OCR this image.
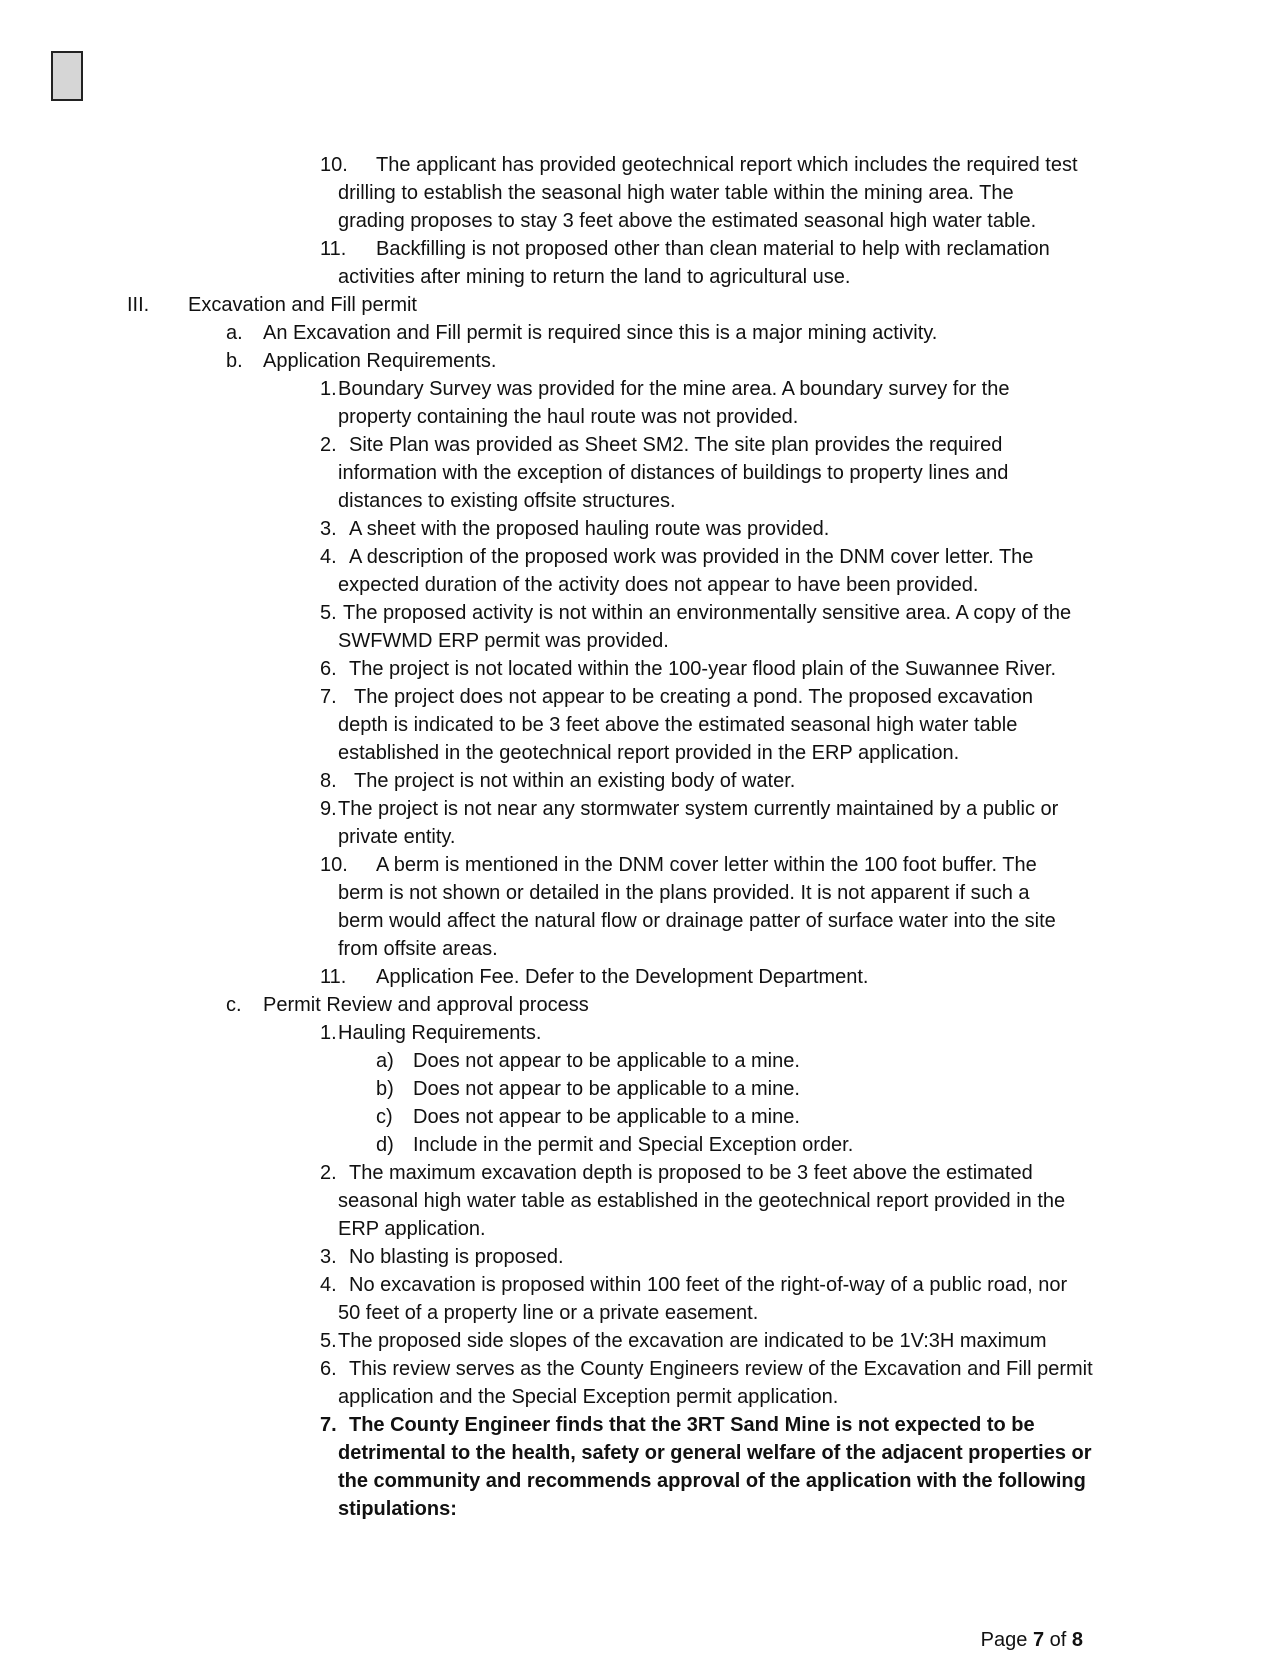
10. The applicant has provided geotechnical report which includes the required test
drilling to establish the seasonal high water table within the mining area. The
grading proposes to stay 3 feet above the estimated seasonal high water table.
11. Backfilling is not proposed other than clean material to help with reclamation
activities after mining to return the land to agricultural use.
III. Excavation and Fill permit
a. An Excavation and Fill permit is required since this is a major mining activity.
b. Application Requirements.
1. Boundary Survey was provided for the mine area. A boundary survey for the
property containing the haul route was not provided.
2. Site Plan was provided as Sheet SM2. The site plan provides the required
information with the exception of distances of buildings to property lines and
distances to existing offsite structures.
3. A sheet with the proposed hauling route was provided.
4. A description of the proposed work was provided in the DNM cover letter. The
expected duration of the activity does not appear to have been provided.
5. The proposed activity is not within an environmentally sensitive area. A copy of the
SWFWMD ERP permit was provided.
6. The project is not located within the 100-year flood plain of the Suwannee River.
7. The project does not appear to be creating a pond. The proposed excavation
depth is indicated to be 3 feet above the estimated seasonal high water table
established in the geotechnical report provided in the ERP application.
8. The project is not within an existing body of water.
9. The project is not near any stormwater system currently maintained by a public or
private entity.
10. A berm is mentioned in the DNM cover letter within the 100 foot buffer. The
berm is not shown or detailed in the plans provided. It is not apparent if such a
berm would affect the natural flow or drainage patter of surface water into the site
from offsite areas.
11. Application Fee. Defer to the Development Department.
c. Permit Review and approval process
1. Hauling Requirements.
a) Does not appear to be applicable to a mine.
b) Does not appear to be applicable to a mine.
c) Does not appear to be applicable to a mine.
d) Include in the permit and Special Exception order.
2. The maximum excavation depth is proposed to be 3 feet above the estimated
seasonal high water table as established in the geotechnical report provided in the
ERP application.
3. No blasting is proposed.
4. No excavation is proposed within 100 feet of the right-of-way of a public road, nor
50 feet of a property line or a private easement.
5. The proposed side slopes of the excavation are indicated to be 1V:3H maximum
6. This review serves as the County Engineers review of the Excavation and Fill permit
application and the Special Exception permit application.
7. The County Engineer finds that the 3RT Sand Mine is not expected to be
detrimental to the health, safety or general welfare of the adjacent properties or
the community and recommends approval of the application with the following
stipulations:
Page 7 of 8
